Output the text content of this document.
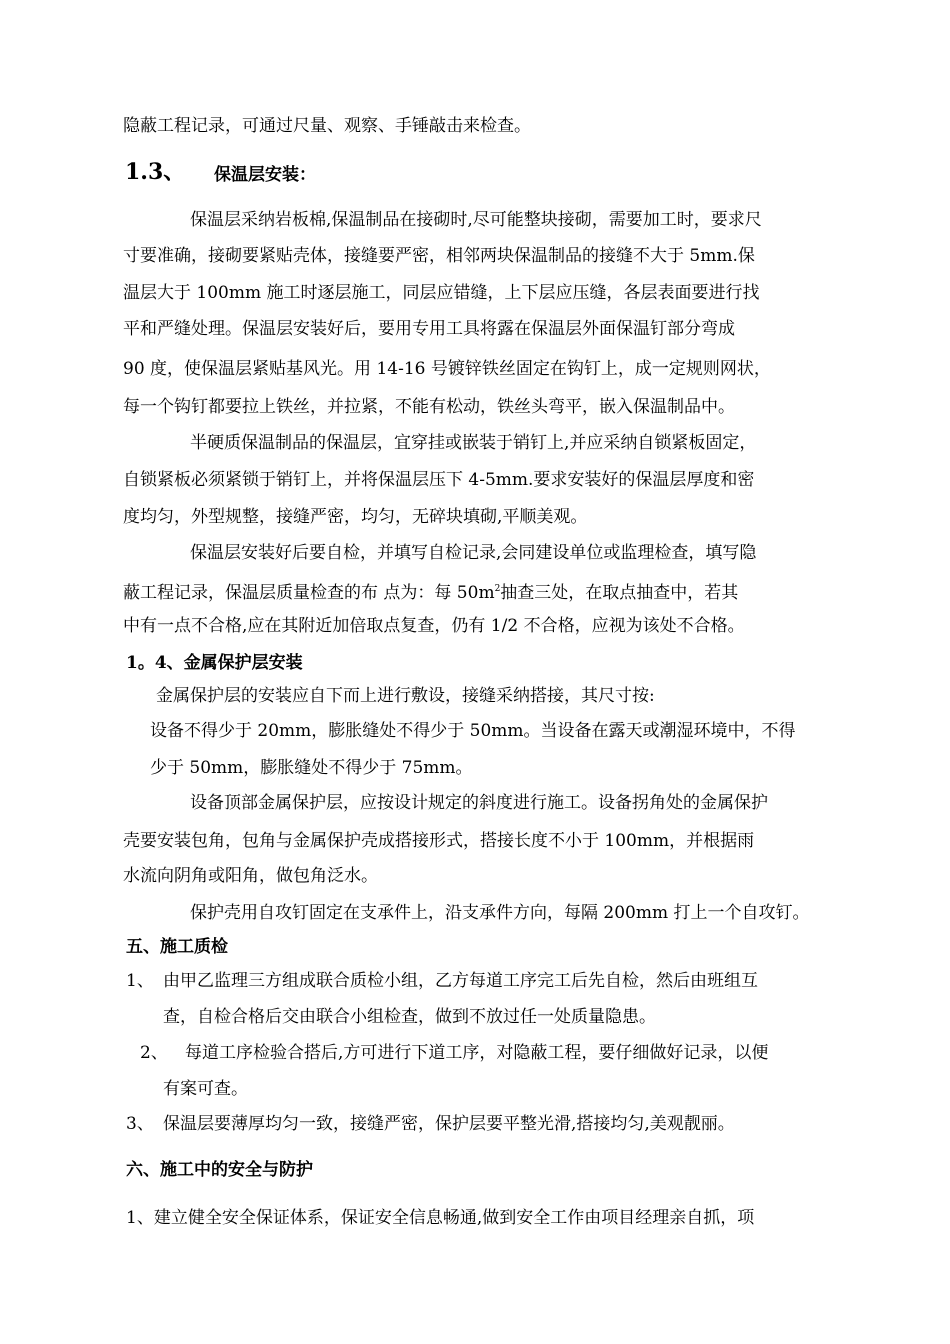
隐蔽工程记录，可通过尺量、观察、手锤敲击来检查。
1.3、 保温层安装：
保温层采纳岩板棉,保温制品在接砌时,尽可能整块接砌，需要加工时，要求尺
寸要准确，接砌要紧贴壳体，接缝要严密，相邻两块保温制品的接缝不大于 5mm.保
温层大于 100mm 施工时逐层施工，同层应错缝，上下层应压缝，各层表面要进行找
平和严缝处理。保温层安装好后，要用专用工具将露在保温层外面保温钉部分弯成
90 度，使保温层紧贴基风光。用 14-16 号镀锌铁丝固定在钩钉上，成一定规则网状，
每一个钩钉都要拉上铁丝，并拉紧，不能有松动，铁丝头弯平，嵌入保温制品中。
半硬质保温制品的保温层，宜穿挂或嵌装于销钉上,并应采纳自锁紧板固定，
自锁紧板必须紧锁于销钉上，并将保温层压下 4-5mm.要求安装好的保温层厚度和密
度均匀，外型规整，接缝严密，均匀，无碎块填砌,平顺美观。
保温层安装好后要自检，并填写自检记录,会同建设单位或监理检查，填写隐
蔽工程记录，保温层质量检查的布 点为：每 $50m^2$抽查三处，在取点抽查中，若其
中有一点不合格,应在其附近加倍取点复查，仍有 1/2 不合格，应视为该处不合格。
1。4、金属保护层安装
金属保护层的安装应自下而上进行敷设，接缝采纳搭接，其尺寸按:
设备不得少于 20mm，膨胀缝处不得少于 50mm。当设备在露天或潮湿环境中，不得
少于 50mm，膨胀缝处不得少于 75mm。
设备顶部金属保护层，应按设计规定的斜度进行施工。设备拐角处的金属保护
壳要安装包角，包角与金属保护壳成搭接形式，搭接长度不小于 100mm，并根据雨
水流向阴角或阳角，做包角泛水。
保护壳用自攻钉固定在支承件上，沿支承件方向，每隔 200mm 打上一个自攻钉。
五、施工质检
1、 由甲乙监理三方组成联合质检小组，乙方每道工序完工后先自检，然后由班组互
查，自检合格后交由联合小组检查，做到不放过任一处质量隐患。
2、 每道工序检验合搭后,方可进行下道工序，对隐蔽工程，要仔细做好记录，以便
有案可查。
3、 保温层要薄厚均匀一致，接缝严密，保护层要平整光滑,搭接均匀,美观靓丽。
六、施工中的安全与防护
1、建立健全安全保证体系，保证安全信息畅通,做到安全工作由项目经理亲自抓，项
